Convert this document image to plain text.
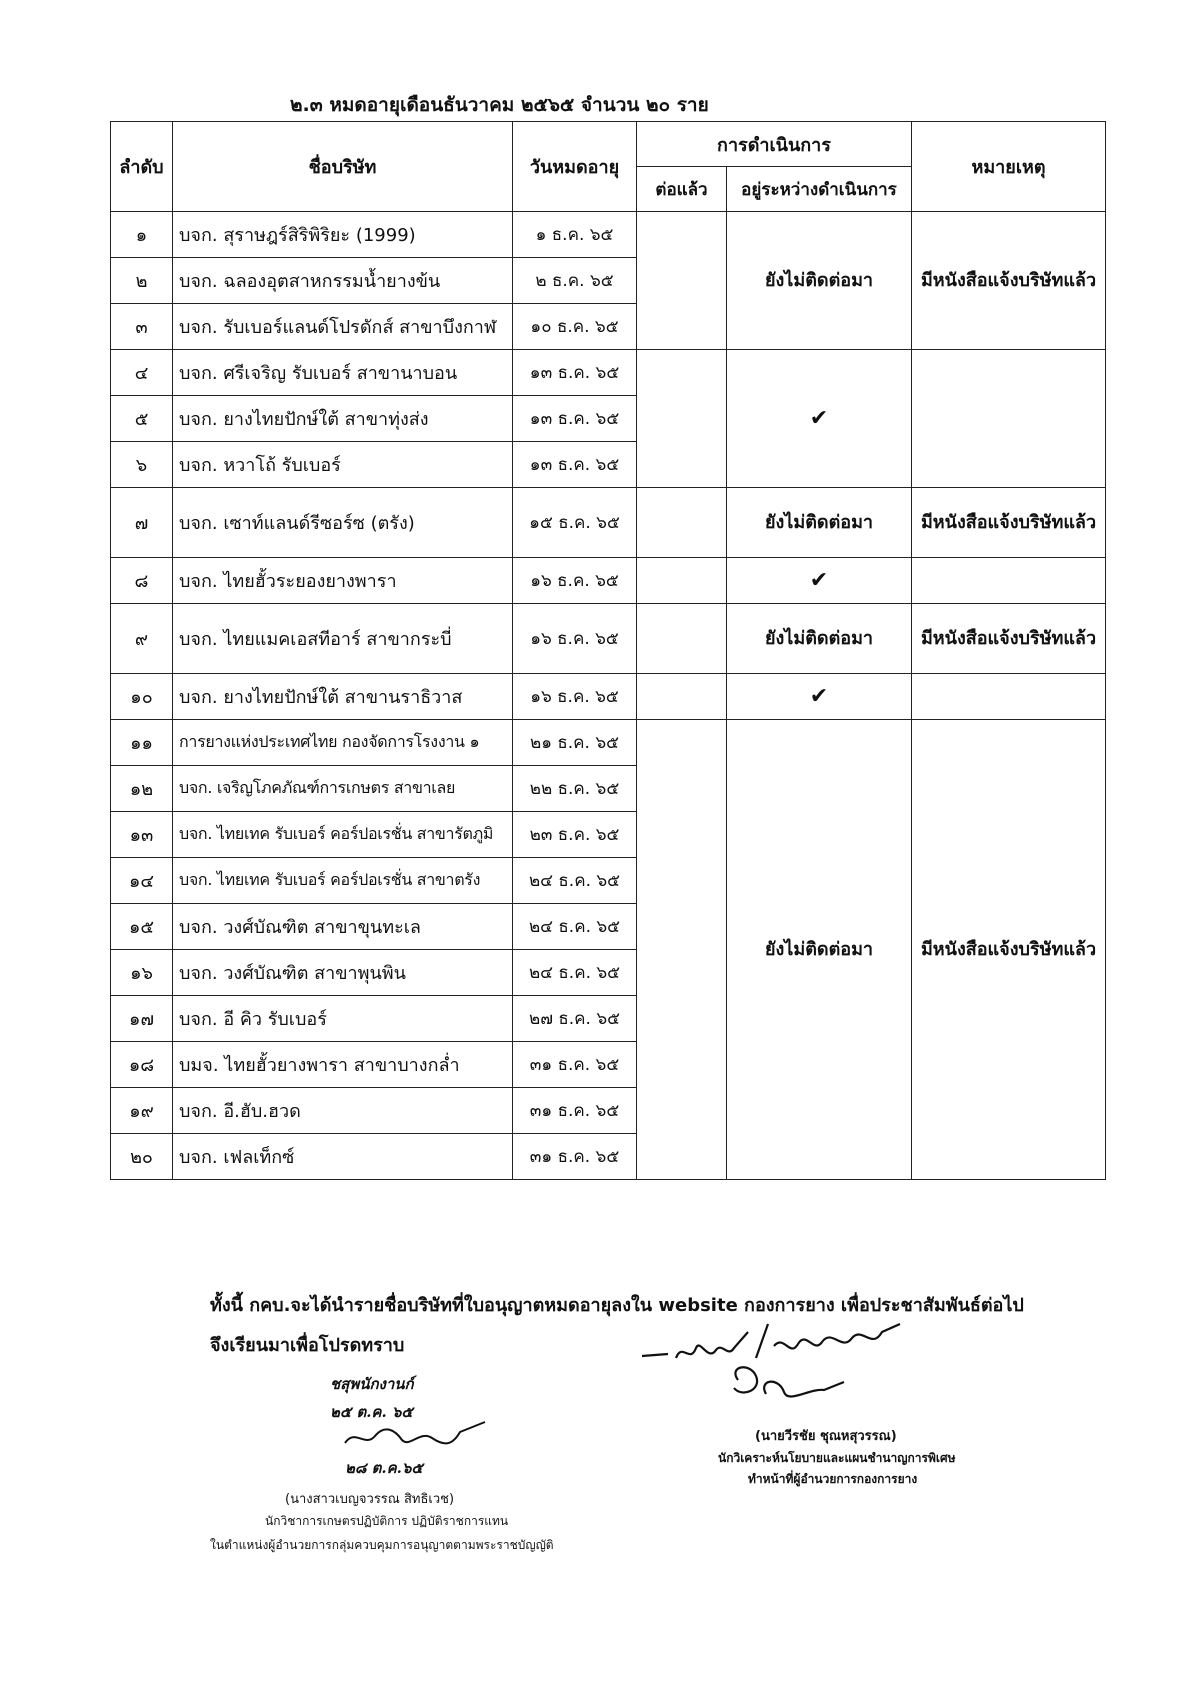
๒.๓ หมดอายุเดือนธันวาคม ๒๕๖๕ จำนวน ๒๐ ราย
ลำดับ	ชื่อบริษัท	วันหมดอายุ	การดำเนินการ		หมายเหตุ
			ต่อแล้ว	อยู่ระหว่างดำเนินการ	
๑	บจก. สุราษฎร์สิริพิริยะ (1999)	๑ ธ.ค. ๖๕		ยังไม่ติดต่อมา	มีหนังสือแจ้งบริษัทแล้ว
๒	บจก. ฉลองอุตสาหกรรมน้ำยางข้น	๒ ธ.ค. ๖๕			
๓	บจก. รับเบอร์แลนด์โปรดักส์ สาขาบึงกาฬ	๑๐ ธ.ค. ๖๕			
๔	บจก. ศรีเจริญ รับเบอร์ สาขานาบอน	๑๓ ธ.ค. ๖๕		✔	
๕	บจก. ยางไทยปักษ์ใต้ สาขาทุ่งส่ง	๑๓ ธ.ค. ๖๕			
๖	บจก. หวาโถ้ รับเบอร์	๑๓ ธ.ค. ๖๕			
๗	บจก. เซาท์แลนด์รีซอร์ซ (ตรัง)	๑๕ ธ.ค. ๖๕		ยังไม่ติดต่อมา	มีหนังสือแจ้งบริษัทแล้ว
๘	บจก. ไทยฮั้วระยองยางพารา	๑๖ ธ.ค. ๖๕		✔	
๙	บจก. ไทยแมคเอสทีอาร์ สาขากระบี่	๑๖ ธ.ค. ๖๕		ยังไม่ติดต่อมา	มีหนังสือแจ้งบริษัทแล้ว
๑๐	บจก. ยางไทยปักษ์ใต้ สาขานราธิวาส	๑๖ ธ.ค. ๖๕		✔	
๑๑	การยางแห่งประเทศไทย กองจัดการโรงงาน ๑	๒๑ ธ.ค. ๖๕		ยังไม่ติดต่อมา	มีหนังสือแจ้งบริษัทแล้ว
๑๒	บจก. เจริญโภคภัณฑ์การเกษตร สาขาเลย	๒๒ ธ.ค. ๖๕			
๑๓	บจก. ไทยเทค รับเบอร์ คอร์ปอเรชั่น สาขารัตภูมิ	๒๓ ธ.ค. ๖๕			
๑๔	บจก. ไทยเทค รับเบอร์ คอร์ปอเรชั่น สาขาตรัง	๒๔ ธ.ค. ๖๕			
๑๕	บจก. วงศ์บัณฑิต สาขาขุนทะเล	๒๔ ธ.ค. ๖๕			
๑๖	บจก. วงศ์บัณฑิต สาขาพุนพิน	๒๔ ธ.ค. ๖๕			
๑๗	บจก. อี คิว รับเบอร์	๒๗ ธ.ค. ๖๕			
๑๘	บมจ. ไทยฮั้วยางพารา สาขาบางกล่ำ	๓๑ ธ.ค. ๖๕			
๑๙	บจก. อี.ฮับ.ฮวด	๓๑ ธ.ค. ๖๕			
๒๐	บจก. เฟลเท็กซ์	๓๑ ธ.ค. ๖๕			
ทั้งนี้ กคบ.จะได้นำรายชื่อบริษัทที่ใบอนุญาตหมดอายุลงใน website กองการยาง เพื่อประชาสัมพันธ์ต่อไป
จึงเรียนมาเพื่อโปรดทราบ
ชสุพนักงานก์
๒๕ ต.ค. ๖๕
๒๘ ต.ค.๖๕
(นางสาวเบญจวรรณ สิทธิเวช)
นักวิชาการเกษตรปฏิบัติการ ปฏิบัติราชการแทน
ในตำแหน่งผู้อำนวยการกลุ่มควบคุมการอนุญาตตามพระราชบัญญัติ
(นายวีรชัย ชุณหสุวรรณ)
นักวิเคราะห์นโยบายและแผนชำนาญการพิเศษ
ทำหน้าที่ผู้อำนวยการกองการยาง
